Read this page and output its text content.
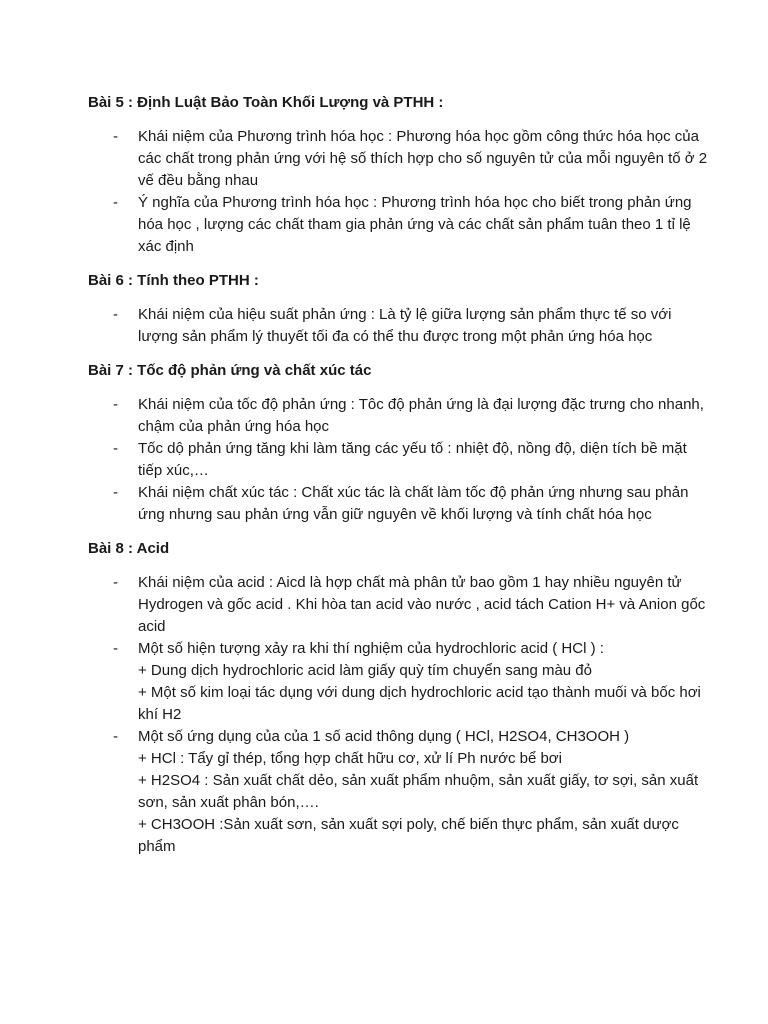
Bài 5 : Định Luật Bảo Toàn Khối Lượng và PTHH :
- Khái niệm của Phương trình hóa học : Phương hóa học gồm công thức hóa học của các chất trong phản ứng với hệ số thích hợp cho số nguyên tử của mỗi nguyên tố ở 2 vế đều bằng nhau
- Ý nghĩa của Phương trình hóa học : Phương trình hóa học cho biết trong phản ứng hóa học , lượng các chất tham gia phản ứng và các chất sản phẩm tuân theo 1 tỉ lệ xác định
Bài 6 : Tính theo PTHH :
- Khái niệm của hiệu suất phản ứng : Là tỷ lệ giữa lượng sản phẩm thực tế so với lượng sản phẩm lý thuyết tối đa có thể thu được trong một phản ứng hóa học
Bài 7 : Tốc độ phản ứng và chất xúc tác
- Khái niệm của tốc độ phản ứng : Tôc độ phản ứng là đại lượng đặc trưng cho nhanh, chậm của phản ứng hóa học
- Tốc dộ phản ứng tăng khi làm tăng các yếu tố : nhiệt độ, nồng độ, diện tích bề mặt tiếp xúc,…
- Khái niệm chất xúc tác : Chất xúc tác là chất làm tốc độ phản ứng nhưng sau phản ứng nhưng sau phản ứng vẫn giữ nguyên về khối lượng và tính chất hóa học
Bài 8 : Acid
- Khái niệm của acid : Aicd là hợp chất mà phân tử bao gồm 1 hay nhiều nguyên tử Hydrogen và gốc acid . Khi hòa tan acid vào nước , acid tách Cation H+ và Anion gốc acid
- Một số hiện tượng xảy ra khi thí nghiệm của hydrochloric acid ( HCl ) :
+ Dung dịch hydrochloric acid làm giấy quỳ tím chuyển sang màu đỏ
+ Một số kim loại tác dụng với dung dịch hydrochloric acid tạo thành muối và bốc hơi khí H2
- Một số ứng dụng của của 1 số acid thông dụng ( HCl, H2SO4, CH3OOH )
+ HCl : Tẩy gỉ thép, tổng hợp chất hữu cơ, xử lí Ph nước bể bơi
+ H2SO4 : Sản xuất chất dẻo, sản xuất phẩm nhuộm, sản xuất giấy, tơ sợi, sản xuất sơn, sản xuất phân bón,….
+ CH3OOH :Sản xuất sơn, sản xuất sợi poly, chế biến thực phẩm, sản xuất dược phẩm
